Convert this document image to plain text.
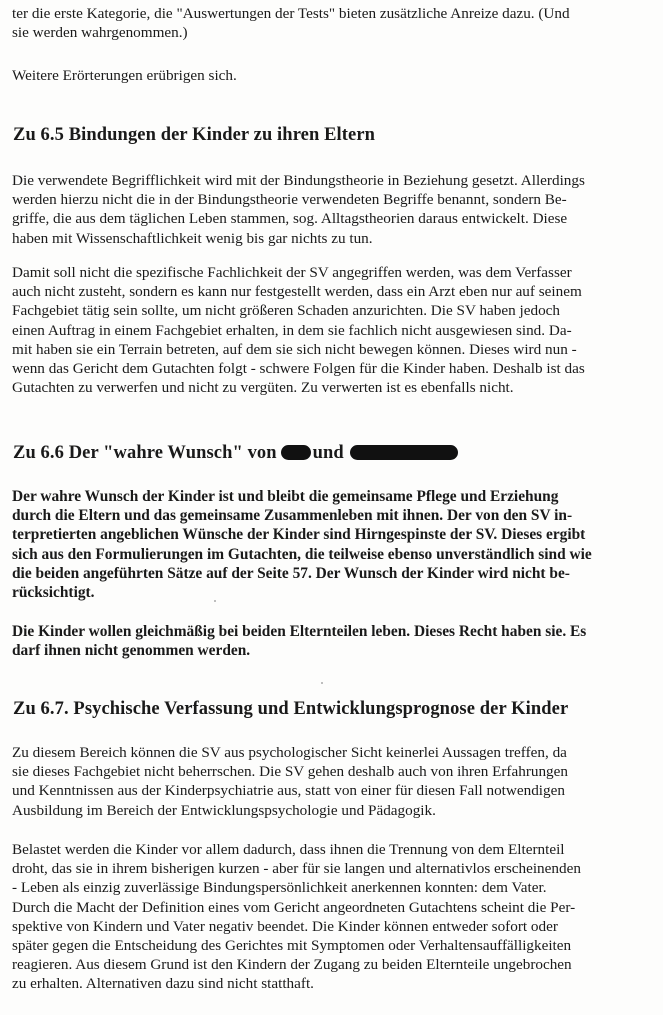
ter die erste Kategorie, die "Auswertungen der Tests" bieten zusätzliche Anreize dazu. (Und
sie werden wahrgenommen.)

Weitere Erörterungen erübrigen sich.

Zu 6.5 Bindungen der Kinder zu ihren Eltern

Die verwendete Begrifflichkeit wird mit der Bindungstheorie in Beziehung gesetzt. Allerdings
werden hierzu nicht die in der Bindungstheorie verwendeten Begriffe benannt, sondern Be-
griffe, die aus dem täglichen Leben stammen, sog. Alltagstheorien daraus entwickelt. Diese
haben mit Wissenschaftlichkeit wenig bis gar nichts zu tun.

Damit soll nicht die spezifische Fachlichkeit der SV angegriffen werden, was dem Verfasser
auch nicht zusteht, sondern es kann nur festgestellt werden, dass ein Arzt eben nur auf seinem
Fachgebiet tätig sein sollte, um nicht größeren Schaden anzurichten. Die SV haben jedoch
einen Auftrag in einem Fachgebiet erhalten, in dem sie fachlich nicht ausgewiesen sind. Da-
mit haben sie ein Terrain betreten, auf dem sie sich nicht bewegen können. Dieses wird nun -
wenn das Gericht dem Gutachten folgt - schwere Folgen für die Kinder haben. Deshalb ist das
Gutachten zu verwerfen und nicht zu vergüten. Zu verwerten ist es ebenfalls nicht.

Zu 6.6 Der "wahre Wunsch" von und

Der wahre Wunsch der Kinder ist und bleibt die gemeinsame Pflege und Erziehung
durch die Eltern und das gemeinsame Zusammenleben mit ihnen. Der von den SV in-
terpretierten angeblichen Wünsche der Kinder sind Hirngespinste der SV. Dieses ergibt
sich aus den Formulierungen im Gutachten, die teilweise ebenso unverständlich sind wie
die beiden angeführten Sätze auf der Seite 57. Der Wunsch der Kinder wird nicht be-
rücksichtigt.

Die Kinder wollen gleichmäßig bei beiden Elternteilen leben. Dieses Recht haben sie. Es
darf ihnen nicht genommen werden.

Zu 6.7. Psychische Verfassung und Entwicklungsprognose der Kinder

Zu diesem Bereich können die SV aus psychologischer Sicht keinerlei Aussagen treffen, da
sie dieses Fachgebiet nicht beherrschen. Die SV gehen deshalb auch von ihren Erfahrungen
und Kenntnissen aus der Kinderpsychiatrie aus, statt von einer für diesen Fall notwendigen
Ausbildung im Bereich der Entwicklungspsychologie und Pädagogik.

Belastet werden die Kinder vor allem dadurch, dass ihnen die Trennung von dem Elternteil
droht, das sie in ihrem bisherigen kurzen - aber für sie langen und alternativlos erscheinenden
- Leben als einzig zuverlässige Bindungspersönlichkeit anerkennen konnten: dem Vater.
Durch die Macht der Definition eines vom Gericht angeordneten Gutachtens scheint die Per-
spektive von Kindern und Vater negativ beendet. Die Kinder können entweder sofort oder
später gegen die Entscheidung des Gerichtes mit Symptomen oder Verhaltensauffälligkeiten
reagieren. Aus diesem Grund ist den Kindern der Zugang zu beiden Elternteile ungebrochen
zu erhalten. Alternativen dazu sind nicht statthaft.
